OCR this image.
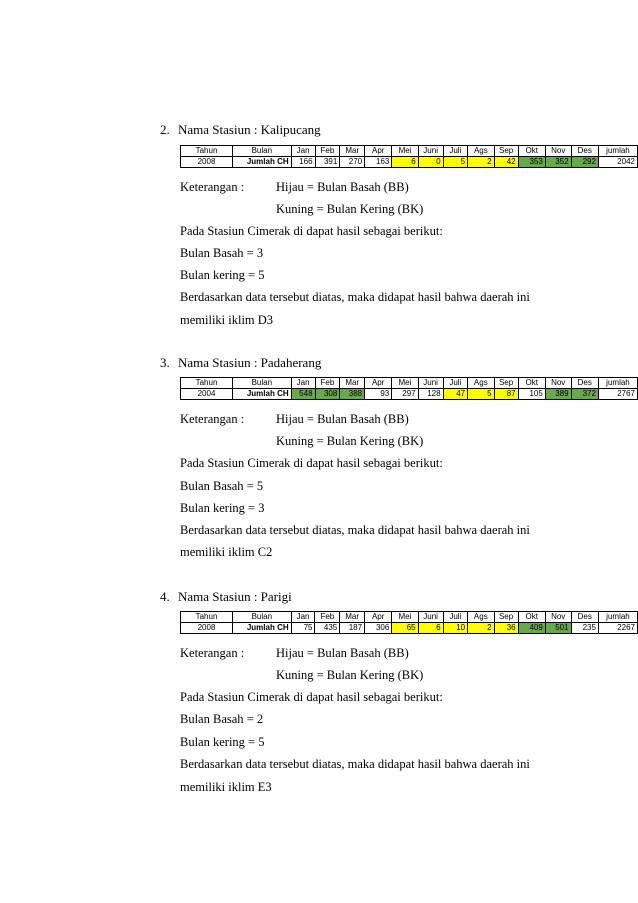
2. Nama Stasiun : Kalipucang
Tahun	Bulan	Jan	Feb	Mar	Apr	Mei	Juni	Juli	Ags	Sep	Okt	Nov	Des	jumlah
2008	Jumlah CH	166	391	270	163	6	0	5	2	42	353	352	292	2042
Keterangan :	Hijau = Bulan Basah (BB)
Kuning = Bulan Kering (BK)
Pada Stasiun Cimerak di dapat hasil sebagai berikut:
Bulan Basah = 3
Bulan kering = 5
Berdasarkan data tersebut diatas, maka didapat hasil bahwa daerah ini
memiliki iklim D3
3. Nama Stasiun : Padaherang
Tahun	Bulan	Jan	Feb	Mar	Apr	Mei	Juni	Juli	Ags	Sep	Okt	Nov	Des	jumlah
2004	Jumlah CH	548	308	388	93	297	128	47	5	87	105	389	372	2767
Keterangan :	Hijau = Bulan Basah (BB)
Kuning = Bulan Kering (BK)
Pada Stasiun Cimerak di dapat hasil sebagai berikut:
Bulan Basah = 5
Bulan kering = 3
Berdasarkan data tersebut diatas, maka didapat hasil bahwa daerah ini
memiliki iklim C2
4. Nama Stasiun : Parigi
Tahun	Bulan	Jan	Feb	Mar	Apr	Mei	Juni	Juli	Ags	Sep	Okt	Nov	Des	jumlah
2008	Jumlah CH	75	435	187	306	65	6	10	2	36	409	501	235	2267
Keterangan :	Hijau = Bulan Basah (BB)
Kuning = Bulan Kering (BK)
Pada Stasiun Cimerak di dapat hasil sebagai berikut:
Bulan Basah = 2
Bulan kering = 5
Berdasarkan data tersebut diatas, maka didapat hasil bahwa daerah ini
memiliki iklim E3
